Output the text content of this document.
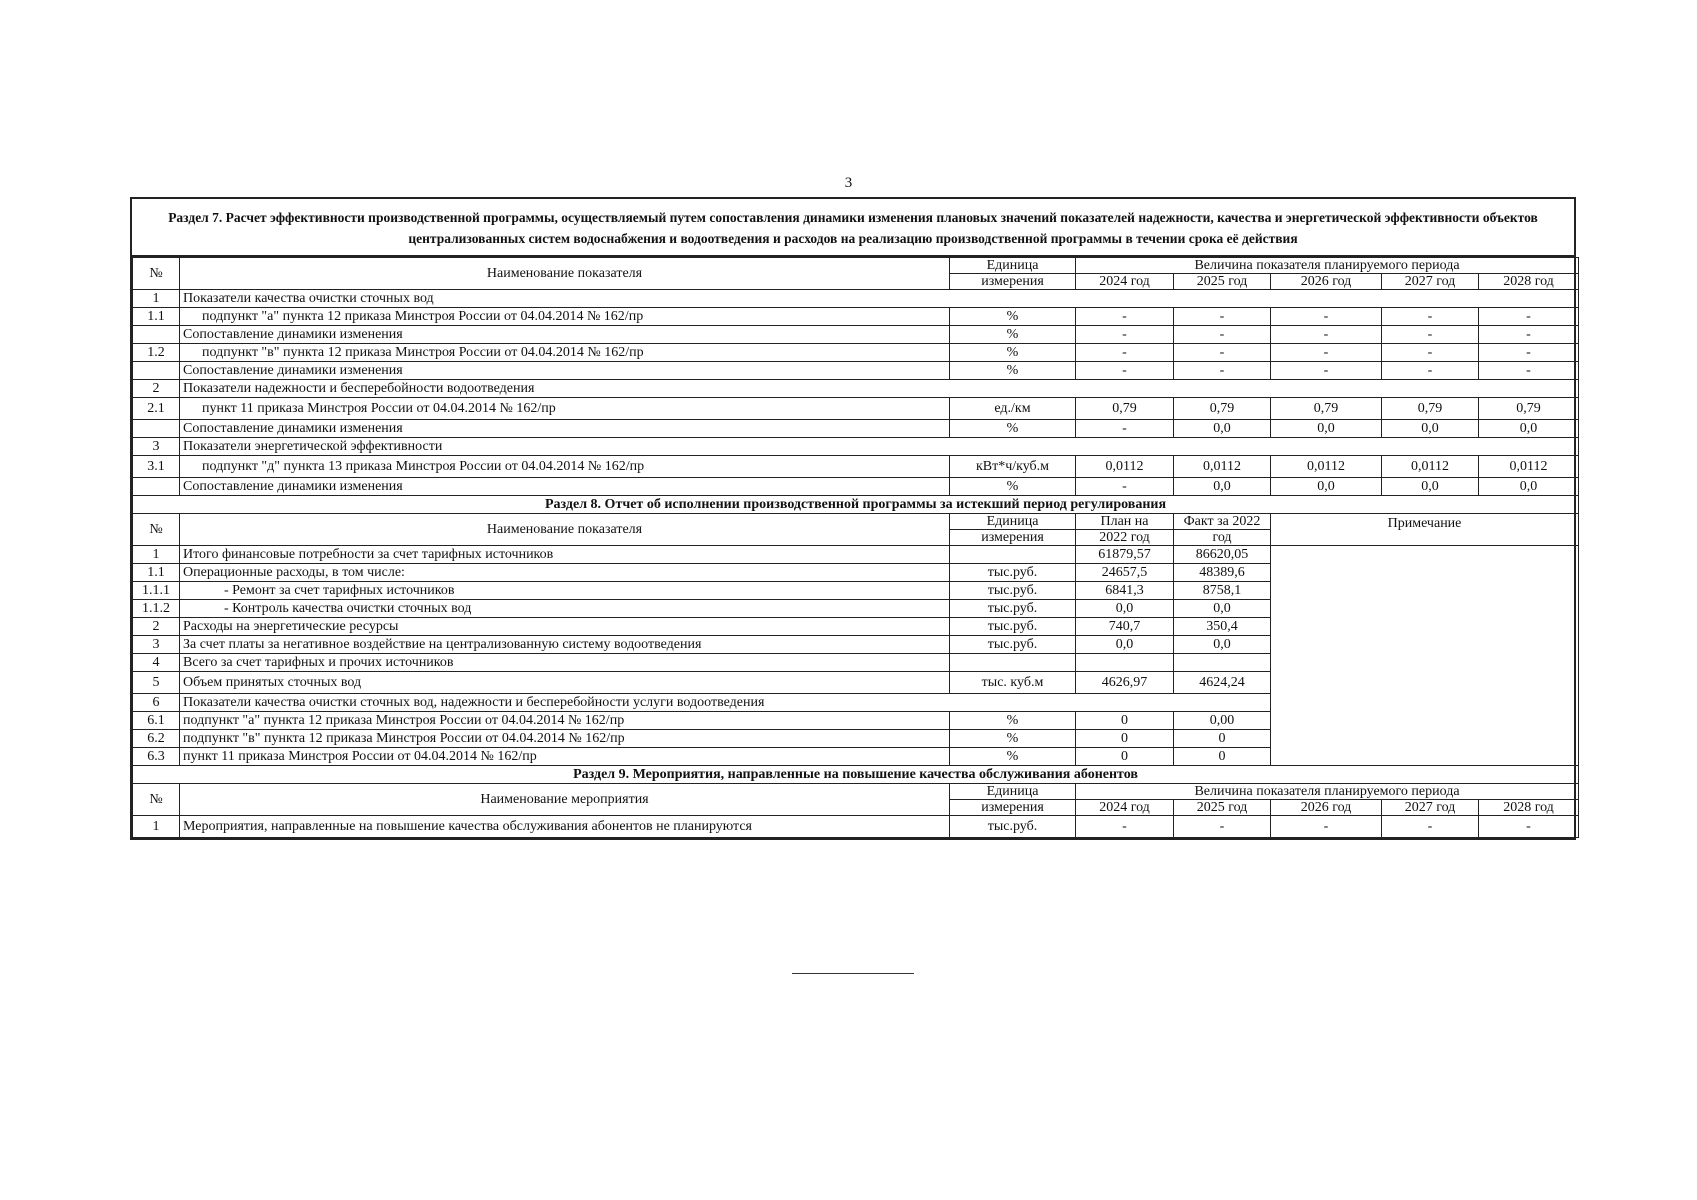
3
Раздел 7. Расчет эффективности производственной программы, осуществляемый путем сопоставления динамики изменения плановых значений показателей надежности, качества и энергетической эффективности объектов централизованных систем водоснабжения и водоотведения и расходов на реализацию производственной программы в течении срока её действия
№	Наименование показателя	Единица	Величина показателя планируемого периода				
		измерения	2024 год	2025 год	2026 год	2027 год	2028 год
1	Показатели качества очистки сточных вод						
1.1	подпункт "а" пункта 12 приказа Минстроя России от 04.04.2014 № 162/пр	%	-	-	-	-	-
	Сопоставление динамики изменения	%	-	-	-	-	-
1.2	подпункт "в" пункта 12 приказа Минстроя России от 04.04.2014 № 162/пр	%	-	-	-	-	-
	Сопоставление динамики изменения	%	-	-	-	-	-
2	Показатели надежности и бесперебойности водоотведения						
2.1	пункт 11 приказа Минстроя России от 04.04.2014 № 162/пр	ед./км	0,79	0,79	0,79	0,79	0,79
	Сопоставление динамики изменения	%	-	0,0	0,0	0,0	0,0
3	Показатели энергетической эффективности						
3.1	подпункт "д" пункта 13 приказа Минстроя России от 04.04.2014 № 162/пр	кВт*ч/куб.м	0,0112	0,0112	0,0112	0,0112	0,0112
	Сопоставление динамики изменения	%	-	0,0	0,0	0,0	0,0
Раздел 8. Отчет об исполнении производственной программы за истекший период регулирования							
№	Наименование показателя	Единица	План на	Факт за 2022	Примечание		
		измерения	2022 год	год			
1	Итого финансовые потребности за счет тарифных источников		61879,57	86620,05			
1.1	Операционные расходы, в том числе:	тыс.руб.	24657,5	48389,6			
1.1.1	- Ремонт за счет тарифных источников	тыс.руб.	6841,3	8758,1			
1.1.2	- Контроль качества очистки сточных вод	тыс.руб.	0,0	0,0			
2	Расходы на энергетические ресурсы	тыс.руб.	740,7	350,4			
3	За счет платы за негативное воздействие на централизованную систему водоотведения	тыс.руб.	0,0	0,0			
4	Всего за счет тарифных и прочих источников						
5	Объем принятых сточных вод	тыс. куб.м	4626,97	4624,24			
6	Показатели качества очистки сточных вод, надежности и бесперебойности услуги водоотведения						
6.1	подпункт "а" пункта 12 приказа Минстроя России от 04.04.2014 № 162/пр	%	0	0,00			
6.2	подпункт "в" пункта 12 приказа Минстроя России от 04.04.2014 № 162/пр	%	0	0			
6.3	пункт 11 приказа Минстроя России от 04.04.2014 № 162/пр	%	0	0			
Раздел 9. Мероприятия, направленные на повышение качества обслуживания абонентов							
№	Наименование мероприятия	Единица	Величина показателя планируемого периода				
		измерения	2024 год	2025 год	2026 год	2027 год	2028 год
1	Мероприятия, направленные на повышение качества обслуживания абонентов не планируются	тыс.руб.	-	-	-	-	-
